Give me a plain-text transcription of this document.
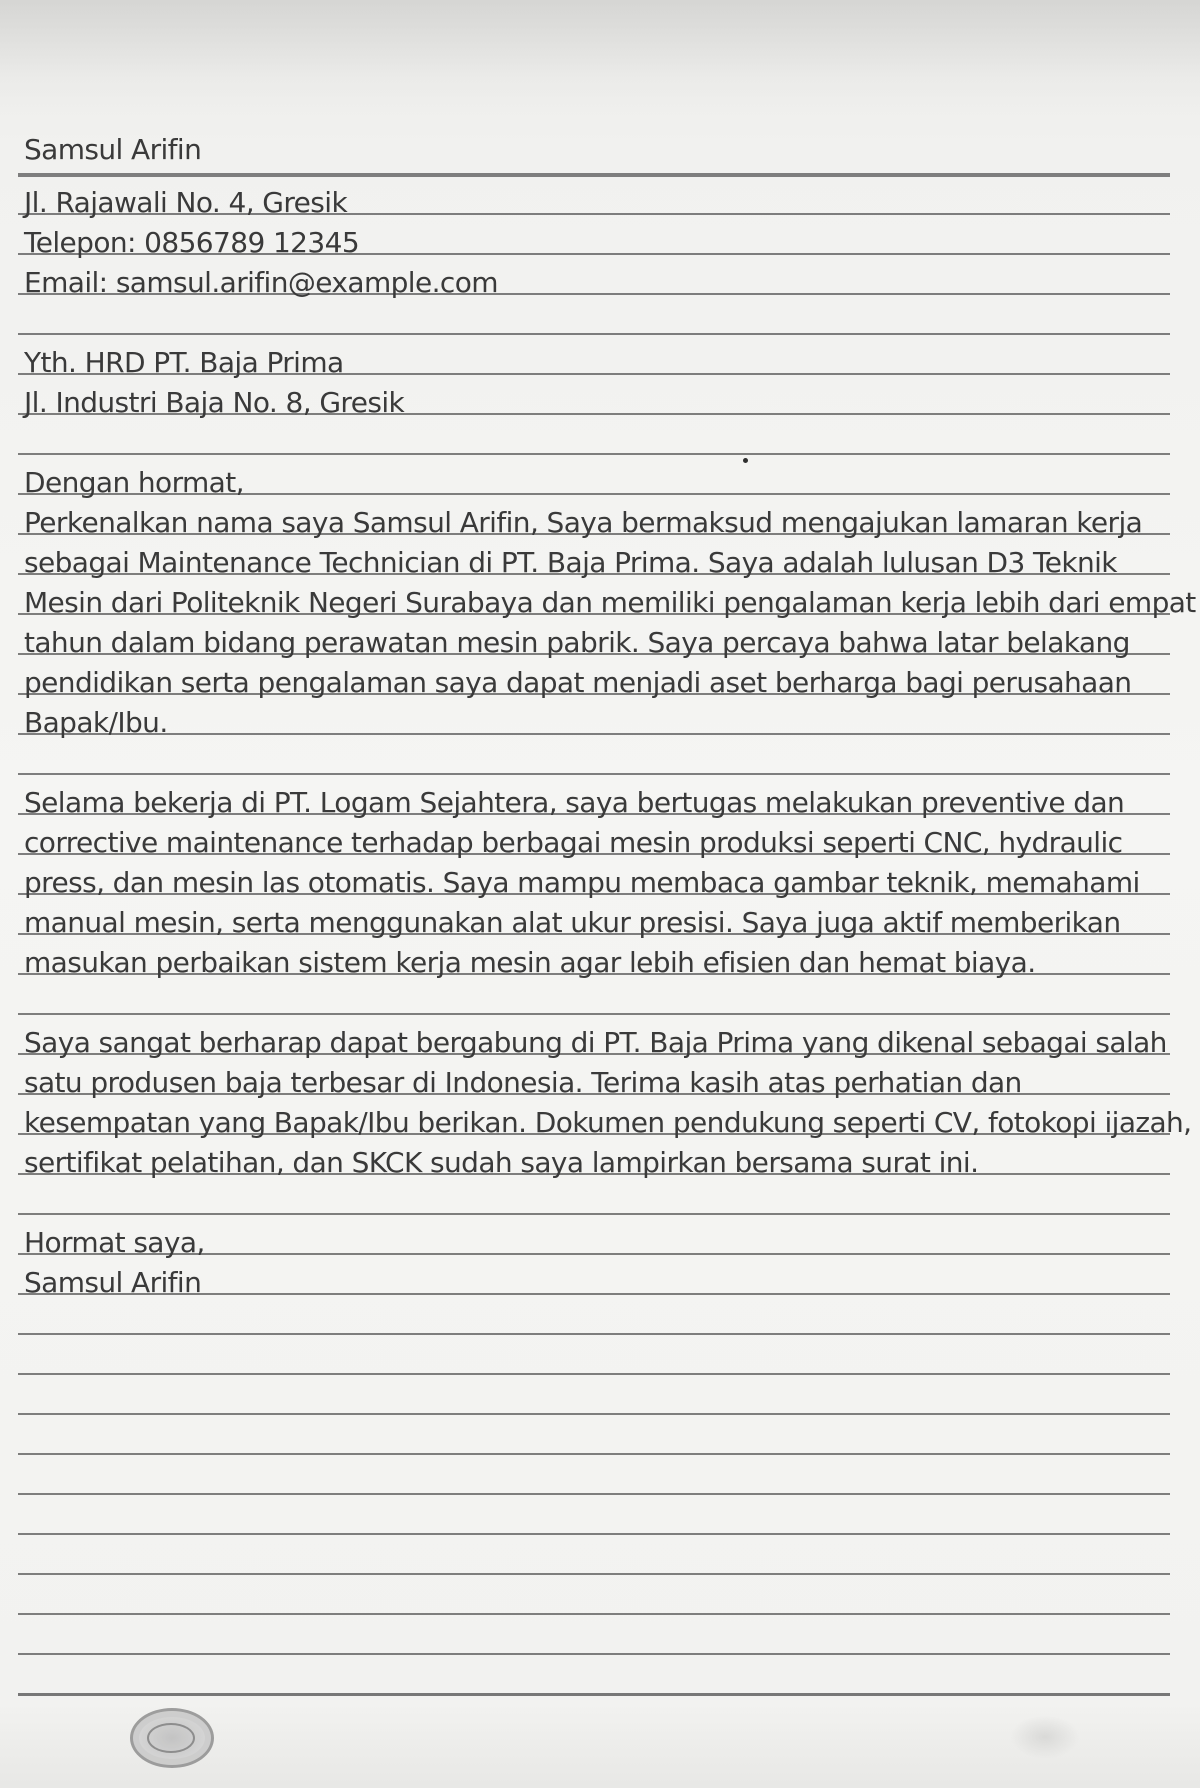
Samsul Arifin
Jl. Rajawali No. 4, Gresik
Telepon: 0856789 12345
Email: samsul.arifin@example.com
Yth. HRD PT. Baja Prima
Jl. Industri Baja No. 8, Gresik
Dengan hormat,
Perkenalkan nama saya Samsul Arifin, Saya bermaksud mengajukan lamaran kerja
sebagai Maintenance Technician di PT. Baja Prima. Saya adalah lulusan D3 Teknik
Mesin dari Politeknik Negeri Surabaya dan memiliki pengalaman kerja lebih dari empat
tahun dalam bidang perawatan mesin pabrik. Saya percaya bahwa latar belakang
pendidikan serta pengalaman saya dapat menjadi aset berharga bagi perusahaan
Bapak/Ibu.
Selama bekerja di PT. Logam Sejahtera, saya bertugas melakukan preventive dan
corrective maintenance terhadap berbagai mesin produksi seperti CNC, hydraulic
press, dan mesin las otomatis. Saya mampu membaca gambar teknik, memahami
manual mesin, serta menggunakan alat ukur presisi. Saya juga aktif memberikan
masukan perbaikan sistem kerja mesin agar lebih efisien dan hemat biaya.
Saya sangat berharap dapat bergabung di PT. Baja Prima yang dikenal sebagai salah
satu produsen baja terbesar di Indonesia. Terima kasih atas perhatian dan
kesempatan yang Bapak/Ibu berikan. Dokumen pendukung seperti CV, fotokopi ijazah,
sertifikat pelatihan, dan SKCK sudah saya lampirkan bersama surat ini.
Hormat saya,
Samsul Arifin
